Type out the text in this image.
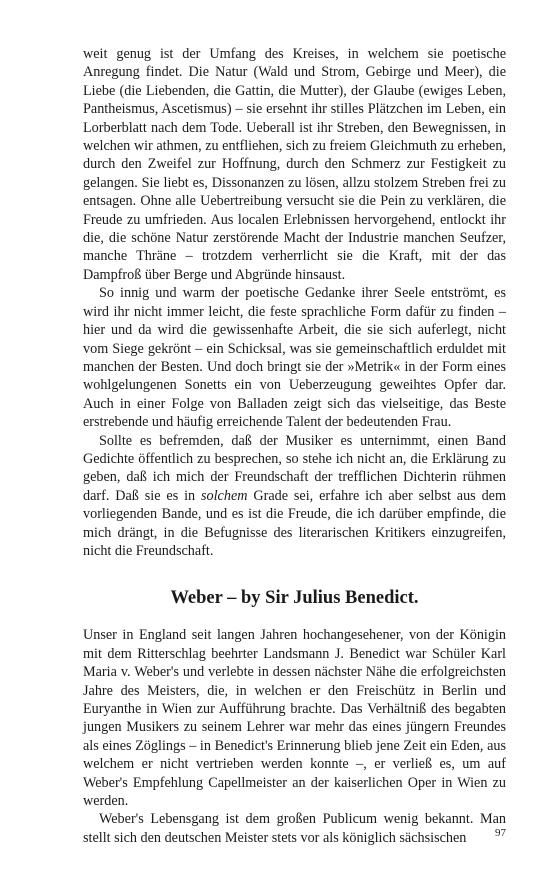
weit genug ist der Umfang des Kreises, in welchem sie poetische Anregung findet. Die Natur (Wald und Strom, Gebirge und Meer), die Liebe (die Liebenden, die Gattin, die Mutter), der Glaube (ewiges Leben, Pantheismus, Ascetismus) – sie ersehnt ihr stilles Plätzchen im Leben, ein Lorberblatt nach dem Tode. Ueberall ist ihr Streben, den Bewegnissen, in welchen wir athmen, zu entfliehen, sich zu freiem Gleichmuth zu erheben, durch den Zweifel zur Hoffnung, durch den Schmerz zur Festigkeit zu gelangen. Sie liebt es, Dissonanzen zu lösen, allzu stolzem Streben frei zu entsagen. Ohne alle Uebertreibung versucht sie die Pein zu verklären, die Freude zu umfrieden. Aus localen Erlebnissen hervorgehend, entlockt ihr die, die schöne Natur zerstörende Macht der Industrie manchen Seufzer, manche Thräne – trotzdem verherrlicht sie die Kraft, mit der das Dampfroß über Berge und Abgründe hinsaust.

So innig und warm der poetische Gedanke ihrer Seele entströmt, es wird ihr nicht immer leicht, die feste sprachliche Form dafür zu finden – hier und da wird die gewissenhafte Arbeit, die sie sich auferlegt, nicht vom Siege gekrönt – ein Schicksal, was sie gemeinschaftlich erduldet mit manchen der Besten. Und doch bringt sie der »Metrik« in der Form eines wohlgelungenen Sonetts ein von Ueberzeugung geweihtes Opfer dar. Auch in einer Folge von Balladen zeigt sich das vielseitige, das Beste erstrebende und häufig erreichende Talent der bedeutenden Frau.

Sollte es befremden, daß der Musiker es unternimmt, einen Band Gedichte öffentlich zu besprechen, so stehe ich nicht an, die Erklärung zu geben, daß ich mich der Freundschaft der trefflichen Dichterin rühmen darf. Daß sie es in solchem Grade sei, erfahre ich aber selbst aus dem vorliegenden Bande, und es ist die Freude, die ich darüber empfinde, die mich drängt, in die Befugnisse des literarischen Kritikers einzugreifen, nicht die Freundschaft.

Weber – by Sir Julius Benedict.

Unser in England seit langen Jahren hochangesehener, von der Königin mit dem Ritterschlag beehrter Landsmann J. Benedict war Schüler Karl Maria v. Weber's und verlebte in dessen nächster Nähe die erfolgreichsten Jahre des Meisters, die, in welchen er den Freischütz in Berlin und Euryanthe in Wien zur Aufführung brachte. Das Verhältniß des begabten jungen Musikers zu seinem Lehrer war mehr das eines jüngern Freundes als eines Zöglings – in Benedict's Erinnerung blieb jene Zeit ein Eden, aus welchem er nicht vertrieben werden konnte –, er verließ es, um auf Weber's Empfehlung Capellmeister an der kaiserlichen Oper in Wien zu werden.

Weber's Lebensgang ist dem großen Publicum wenig bekannt. Man stellt sich den deutschen Meister stets vor als königlich sächsischen	97
